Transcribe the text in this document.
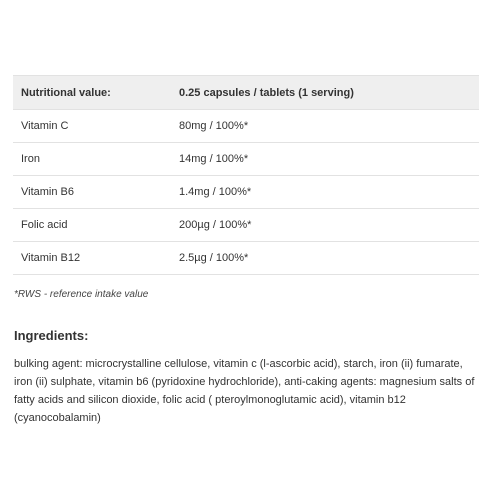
Nutritional value:	0.25 capsules / tablets (1 serving)
Vitamin C	80mg / 100%*
Iron	14mg / 100%*
Vitamin B6	1.4mg / 100%*
Folic acid	200µg / 100%*
Vitamin B12	2.5µg / 100%*
*RWS - reference intake value
Ingredients:
bulking agent: microcrystalline cellulose, vitamin c (l-ascorbic acid), starch, iron (ii) fumarate, iron (ii) sulphate, vitamin b6 (pyridoxine hydrochloride), anti-caking agents: magnesium salts of fatty acids and silicon dioxide, folic acid ( pteroylmonoglutamic acid), vitamin b12 (cyanocobalamin)
